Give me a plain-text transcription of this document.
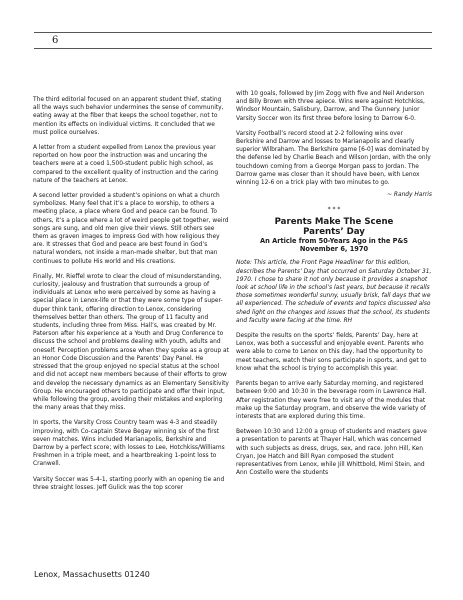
6

The third editorial focused on an apparent student thief, stating all the ways such behavior undermines the sense of community, eating away at the fiber that keeps the school together, not to mention its effects on individual victims. It concluded that we must police ourselves.

A letter from a student expelled from Lenox the previous year reported on how poor the instruction was and uncaring the teachers were at a coed 1,500-student public high school, as compared to the excellent quality of instruction and the caring nature of the teachers at Lenox.

A second letter provided a student’s opinions on what a church symbolizes. Many feel that it’s a place to worship, to others a meeting place, a place where God and peace can be found. To others, it’s a place where a lot of weird people get together, weird songs are sung, and old men give their views. Still others see them as graven images to impress God with how religious they are. It stresses that God and peace are best found in God’s natural wonders, not inside a man-made shelter, but that man continues to pollute His world and His creations.

Finally, Mr. Rieffel wrote to clear the cloud of misunderstanding, curiosity, jealousy and frustration that surrounds a group of individuals at Lenox who were perceived by some as having a special place in Lenox-life or that they were some type of super-duper think tank, offering direction to Lenox, considering themselves better than others. The group of 11 faculty and students, including three from Miss. Hall’s, was created by Mr. Paterson after his experience at a Youth and Drug Conference to discuss the school and problems dealing with youth, adults and oneself. Perception problems arose when they spoke as a group at an Honor Code Discussion and the Parents’ Day Panel. He stressed that the group enjoyed no special status at the school and did not accept new members because of their efforts to grow and develop the necessary dynamics as an Elementary Sensitivity Group. He encouraged others to participate and offer their input, while following the group, avoiding their mistakes and exploring the many areas that they miss.

In sports, the Varsity Cross Country team was 4-3 and steadily improving, with Co-captain Steve Begay winning six of the first seven matches. Wins included Marianapolis, Berkshire and Darrow by a perfect score; with losses to Lee, Hotchkiss/Williams Freshmen in a triple meet, and a heartbreaking 1-point loss to Cranwell.

Varsity Soccer was 5-4-1, starting poorly with an opening tie and three straight losses. Jeff Gulick was the top scorer

with 10 goals, followed by Jim Zogg with five and Neil Anderson and Billy Brown with three apiece. Wins were against Hotchkiss, Windsor Mountain, Salisbury, Darrow, and The Gunnery. Junior Varsity Soccer won its first three before losing to Darrow 6-0.

Varsity Football’s record stood at 2-2 following wins over Berkshire and Darrow and losses to Marianapolis and clearly superior Wilbraham. The Berkshire game [6-0] was dominated by the defense led by Charlie Beach and Wilson Jordan, with the only touchdown coming from a George Morgan pass to Jordan. The Darrow game was closer than it should have been, with Lenox winning 12-6 on a trick play with two minutes to go.

~ Randy Harris

* * *
Parents Make The Scene
Parents’ Day
An Article from 50-Years Ago in the P&S
November 6, 1970

Note: This article, the Front Page Headliner for this edition, describes the Parents’ Day that occurred on Saturday October 31, 1970. I chose to share it not only because it provides a snapshot look at school life in the school’s last years, but because it recalls those sometimes wonderful sunny, usually brisk, fall days that we all experienced. The schedule of events and topics discussed also shed light on the changes and issues that the school, its students and faculty were facing at the time. RH

Despite the results on the sports’ fields, Parents’ Day, here at Lenox, was both a successful and enjoyable event. Parents who were able to come to Lenox on this day, had the opportunity to meet teachers, watch their sons participate in sports, and get to know what the school is trying to accomplish this year.

Parents began to arrive early Saturday morning, and registered between 9:00 and 10:30 in the beverage room in Lawrence Hall. After registration they were free to visit any of the modules that make up the Saturday program, and observe the wide variety of interests that are explored during this time.

Between 10:30 and 12:00 a group of students and masters gave a presentation to parents at Thayer Hall, which was concerned with such subjects as dress, drugs, sex, and race. John Hill, Ken Cryan, Joe Hatch and Bill Ryan composed the student representatives from Lenox, while Jill Whittbold, Mimi Stein, and Ann Costello were the students

Lenox, Massachusetts 01240
